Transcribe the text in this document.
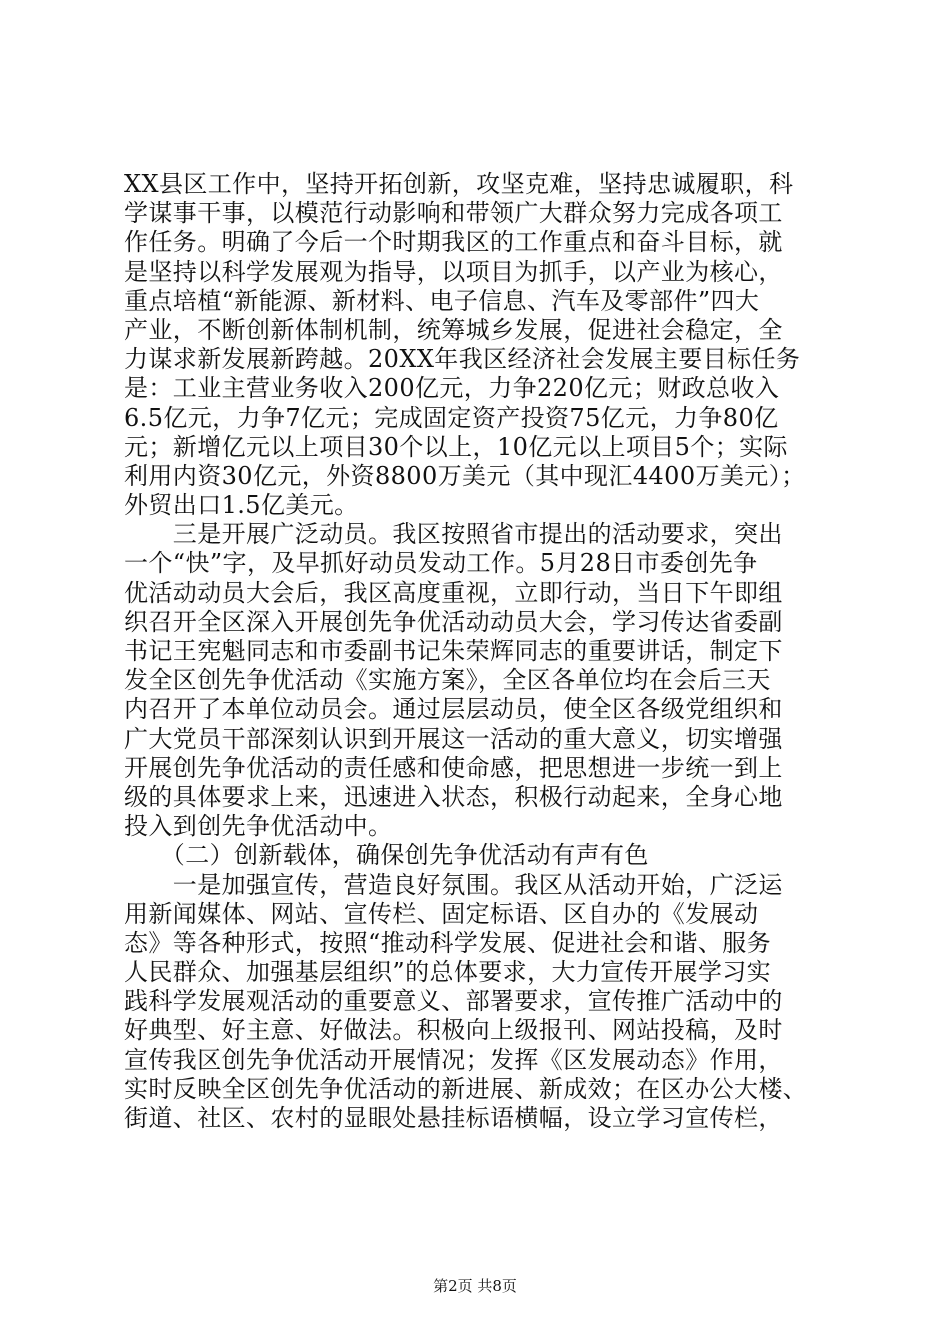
XX县区工作中，坚持开拓创新，攻坚克难，坚持忠诚履职，科
学谋事干事，以模范行动影响和带领广大群众努力完成各项工
作任务。明确了今后一个时期我区的工作重点和奋斗目标，就
是坚持以科学发展观为指导，以项目为抓手，以产业为核心，
重点培植“新能源、新材料、电子信息、汽车及零部件”四大
产业，不断创新体制机制，统筹城乡发展，促进社会稳定，全
力谋求新发展新跨越。20XX年我区经济社会发展主要目标任务
是：工业主营业务收入200亿元，力争220亿元；财政总收入
6.5亿元，力争7亿元；完成固定资产投资75亿元，力争80亿
元；新增亿元以上项目30个以上，10亿元以上项目5个；实际
利用内资30亿元，外资8800万美元（其中现汇4400万美元）；
外贸出口1.5亿美元。
　　三是开展广泛动员。我区按照省市提出的活动要求，突出
一个“快”字，及早抓好动员发动工作。5月28日市委创先争
优活动动员大会后，我区高度重视，立即行动，当日下午即组
织召开全区深入开展创先争优活动动员大会，学习传达省委副
书记王宪魁同志和市委副书记朱荣辉同志的重要讲话，制定下
发全区创先争优活动《实施方案》，全区各单位均在会后三天
内召开了本单位动员会。通过层层动员，使全区各级党组织和
广大党员干部深刻认识到开展这一活动的重大意义，切实增强
开展创先争优活动的责任感和使命感，把思想进一步统一到上
级的具体要求上来，迅速进入状态，积极行动起来，全身心地
投入到创先争优活动中。
　　（二）创新载体，确保创先争优活动有声有色
　　一是加强宣传，营造良好氛围。我区从活动开始，广泛运
用新闻媒体、网站、宣传栏、固定标语、区自办的《发展动
态》等各种形式，按照“推动科学发展、促进社会和谐、服务
人民群众、加强基层组织”的总体要求，大力宣传开展学习实
践科学发展观活动的重要意义、部署要求，宣传推广活动中的
好典型、好主意、好做法。积极向上级报刊、网站投稿，及时
宣传我区创先争优活动开展情况；发挥《区发展动态》作用，
实时反映全区创先争优活动的新进展、新成效；在区办公大楼、
街道、社区、农村的显眼处悬挂标语横幅，设立学习宣传栏，
第2页 共8页
